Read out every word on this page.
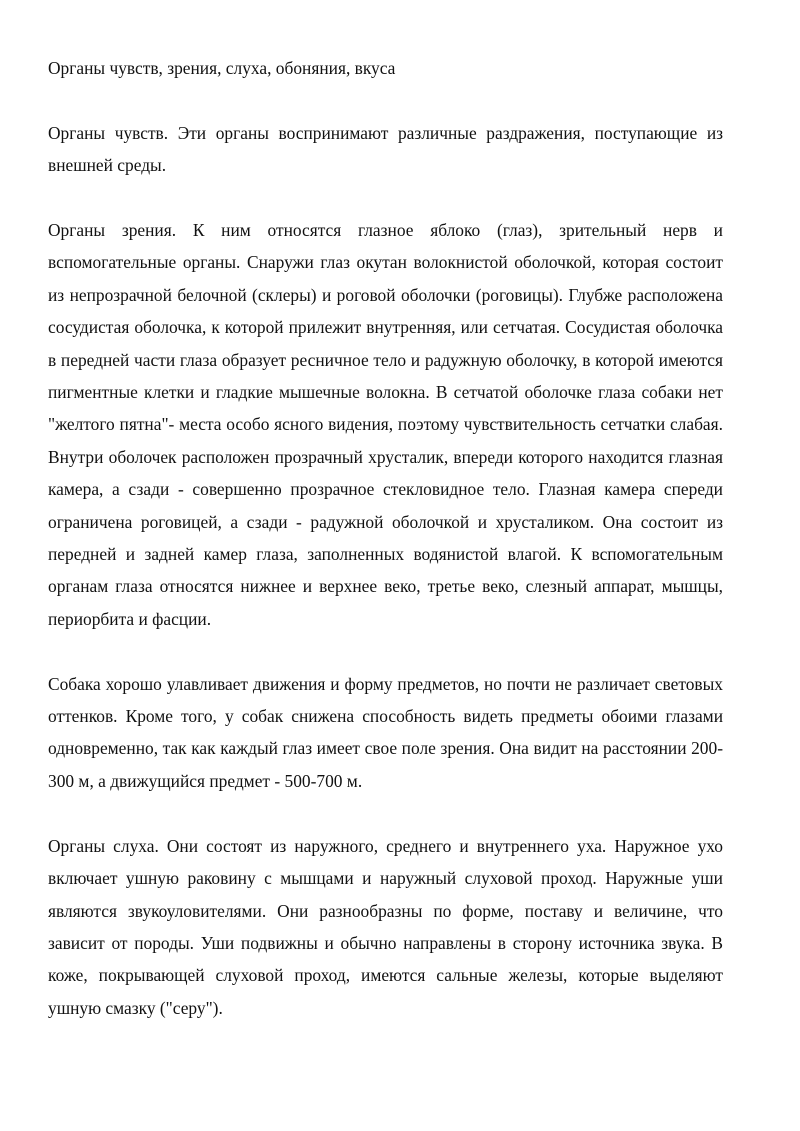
Органы чувств, зрения, слуха, обоняния, вкуса

Органы чувств. Эти органы воспринимают различные раздражения, поступающие из внешней среды.

Органы зрения. К ним относятся глазное яблоко (глаз), зрительный нерв и вспомогательные органы. Снаружи глаз окутан волокнистой оболочкой, которая состоит из непрозрачной белочной (склеры) и роговой оболочки (роговицы). Глубже расположена сосудистая оболочка, к которой прилежит внутренняя, или сетчатая. Сосудистая оболочка в передней части глаза образует ресничное тело и радужную оболочку, в которой имеются пигментные клетки и гладкие мышечные волокна. В сетчатой оболочке глаза собаки нет "желтого пятна"- места особо ясного видения, поэтому чувствительность сетчатки слабая. Внутри оболочек расположен прозрачный хрусталик, впереди которого находится глазная камера, а сзади - совершенно прозрачное стекловидное тело. Глазная камера спереди ограничена роговицей, а сзади - радужной оболочкой и хрусталиком. Она состоит из передней и задней камер глаза, заполненных водянистой влагой. К вспомогательным органам глаза относятся нижнее и верхнее веко, третье веко, слезный аппарат, мышцы, периорбита и фасции.

Собака хорошо улавливает движения и форму предметов, но почти не различает световых оттенков. Кроме того, у собак снижена способность видеть предметы обоими глазами одновременно, так как каждый глаз имеет свое поле зрения. Она видит на расстоянии 200- 300 м, а движущийся предмет - 500-700 м.

Органы слуха. Они состоят из наружного, среднего и внутреннего уха. Наружное ухо включает ушную раковину с мышцами и наружный слуховой проход. Наружные уши являются звукоуловителями. Они разнообразны по форме, поставу и величине, что зависит от породы. Уши подвижны и обычно направлены в сторону источника звука. В коже, покрывающей слуховой проход, имеются сальные железы, которые выделяют ушную смазку ("серу").
